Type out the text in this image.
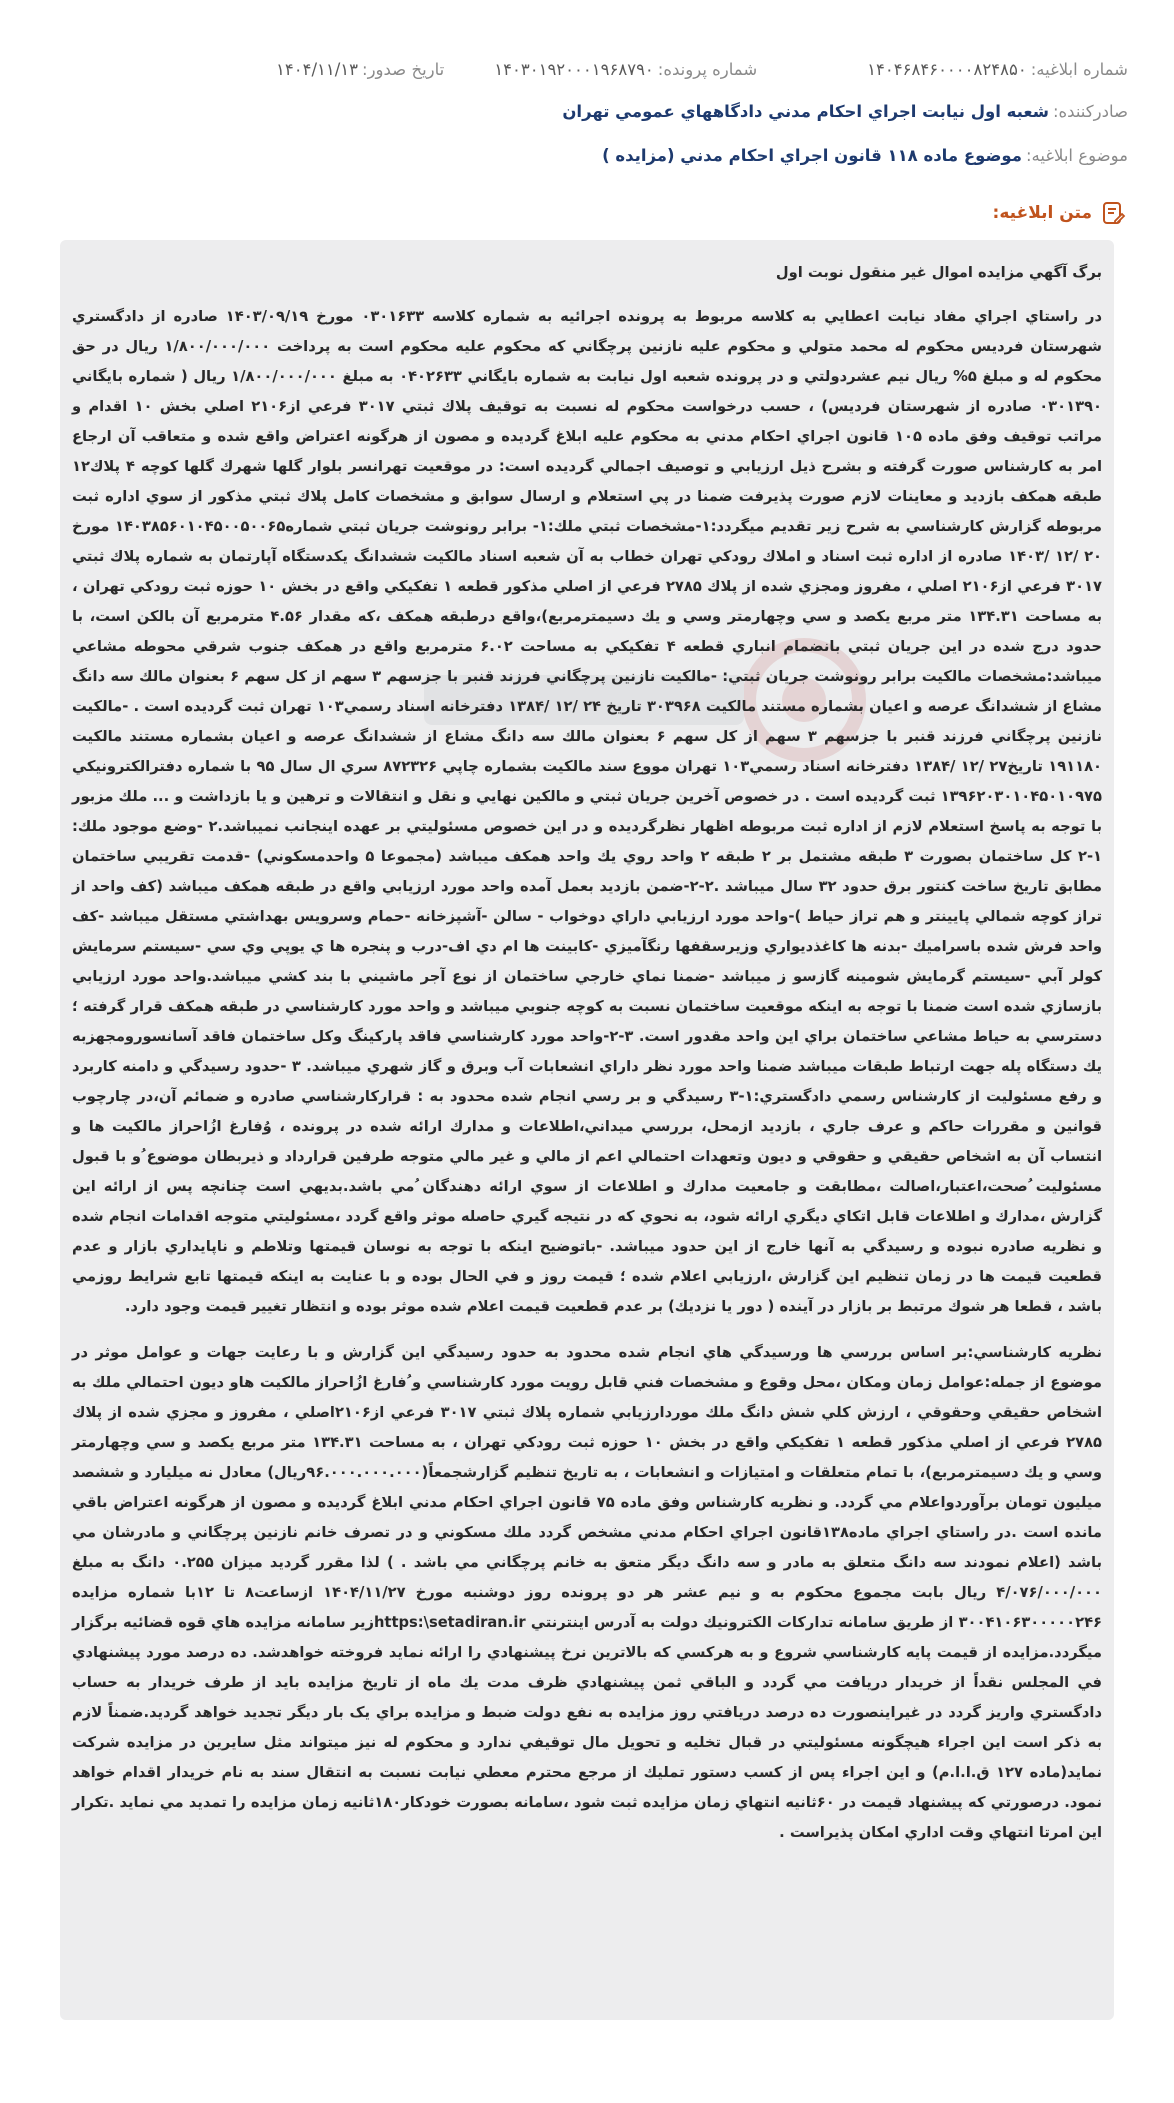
شماره ابلاغيه:
۱۴۰۴۶۸۴۶۰۰۰۰۸۲۴۸۵۰
شماره پرونده:
۱۴۰۳۰۱۹۲۰۰۰۱۹۶۸۷۹۰
تاريخ صدور:
۱۴۰۴/۱۱/۱۳
صادرکننده:
شعبه اول نيابت اجراي احكام مدني دادگاههاي عمومي تهران
موضوع ابلاغيه:
موضوع ماده ۱۱۸ قانون اجراي احکام مدني (مزايده )
متن ابلاغيه:
برگ آگهي مزايده اموال غير منقول نوبت اول

در راستاي اجراي مفاد نيابت اعطايي به كلاسه مربوط به پرونده اجرائيه به شماره كلاسه ۰۳۰۱۶۳۳ مورخ ۱۴۰۳/۰۹/۱۹ صادره از دادگستري شهرستان فرديس محكوم له محمد متولي و محكوم عليه نازنين پرچگاني كه محكوم عليه محكوم است به پرداخت ۱/۸۰۰/۰۰۰/۰۰۰ ريال در حق محكوم له و مبلغ ۵% ريال نيم عشردولتي و در پرونده شعبه اول نيابت به شماره بايگاني ۰۴۰۲۶۳۳ به مبلغ ۱/۸۰۰/۰۰۰/۰۰۰ ريال ( شماره بايگاني ۰۳۰۱۳۹۰ صادره از شهرستان فرديس) ، حسب درخواست محكوم له نسبت به توقيف پلاك ثبتي ۳۰۱۷ فرعي از۲۱۰۶ اصلي بخش ۱۰ اقدام و مراتب توقيف وفق ماده ۱۰۵ قانون اجراي احكام مدني به محكوم عليه ابلاغ گرديده و مصون از هرگونه اعتراض واقع شده و متعاقب آن ارجاع امر به كارشناس صورت گرفته و بشرح ذيل ارزيابي و توصيف اجمالي گرديده است: در موقعيت تهرانسر بلوار گلها شهرك گلها كوچه ۴ پلاك۱۲ طبقه همكف بازديد و معاينات لازم صورت پذيرفت ضمنا در پي استعلام و ارسال سوابق و مشخصات كامل پلاك ثبتي مذكور از سوي اداره ثبت مربوطه گزارش كارشناسي به شرح زير تقديم ميگردد:۱-مشخصات ثبتي ملك:۱- برابر رونوشت جريان ثبتي شماره۱۴۰۳۸۵۶۰۱۰۴۵۰۰۵۰۰۶۵ مورخ ۲۰ /۱۲ /۱۴۰۳ صادره از اداره ثبت اسناد و املاك رودكي تهران خطاب به آن شعبه اسناد مالكيت ششدانگ يكدستگاه آپارتمان به شماره پلاك ثبتي ۳۰۱۷ فرعي از۲۱۰۶ اصلي ، مفروز ومجزي شده از پلاك ۲۷۸۵ فرعي از اصلي مذكور قطعه ۱ تفكيكي واقع در بخش ۱۰ حوزه ثبت رودكي تهران ، به مساحت ۱۳۴.۳۱ متر مربع يكصد و سي وچهارمتر وسي و يك دسيمترمربع)،واقع درطبقه همكف ،كه مقدار ۴.۵۶ مترمربع آن بالكن است، با حدود درج شده در اين جريان ثبتي بانضمام انباري قطعه ۴ تفكيكي به مساحت ۶.۰۲ مترمربع واقع در همكف جنوب شرقي محوطه مشاعي ميباشد:مشخصات مالكيت برابر رونوشت جريان ثبتي: -مالكيت نازنين پرچگاني فرزند قنبر با جزسهم ۳ سهم از كل سهم ۶ بعنوان مالك سه دانگ مشاع از ششدانگ عرصه و اعيان بشماره مستند مالكيت ۳۰۳۹۶۸ تاريخ ۲۴ /۱۲ /۱۳۸۴ دفترخانه اسناد رسمي۱۰۳ تهران ثبت گرديده است . -مالكيت نازنين پرچگاني فرزند قنبر با جزسهم ۳ سهم از كل سهم ۶ بعنوان مالك سه دانگ مشاع از ششدانگ عرصه و اعيان بشماره مستند مالكيت ۱۹۱۱۸۰ تاريخ۲۷ /۱۲ /۱۳۸۴ دفترخانه اسناد رسمي۱۰۳ تهران مووع سند مالكيت بشماره چاپي ۸۷۲۳۲۶ سري ال سال ۹۵ با شماره دفترالكترونيكي ۱۳۹۶۲۰۳۰۱۰۴۵۰۱۰۹۷۵ ثبت گرديده است . در خصوص آخرين جريان ثبتي و مالكين نهايي و نقل و انتقالات و ترهين و يا بازداشت و ... ملك مزبور با توجه به پاسخ استعلام لازم از اداره ثبت مربوطه اظهار نظرگرديده و در اين خصوص مسئوليتي بر عهده اينجانب نميباشد.۲ -وضع موجود ملك: ۱-۲ كل ساختمان بصورت ۳ طبقه مشتمل بر ۲ طبقه ۲ واحد روي يك واحد همكف ميباشد (مجموعا ۵ واحدمسكوني) -قدمت تقريبي ساختمان مطابق تاريخ ساخت كنتور برق حدود ۳۲ سال ميباشد .۲-۲-ضمن بازديد بعمل آمده واحد مورد ارزيابي واقع در طبقه همكف ميباشد (كف واحد از تراز كوچه شمالي پايينتر و هم تراز حياط )-واحد مورد ارزيابي داراي دوخواب - سالن -آشپزخانه -حمام وسرويس بهداشتي مستقل ميباشد -كف واحد فرش شده باسراميك -بدنه ها كاغذديواري وزيرسقفها رنگآميزي -كابينت ها ام دي اف-درب و پنجره ها ي يوپي وي سي -سيستم سرمايش كولر آبي -سيستم گرمايش شومينه گازسو ز ميباشد -ضمنا نماي خارجي ساختمان از نوع آجر ماشيني با بند كشي ميباشد.واحد مورد ارزيابي بازسازي شده است ضمنا با توجه به اينكه موقعيت ساختمان نسبت به كوچه جنوبي ميباشد و واحد مورد كارشناسي در طبقه همكف قرار گرفته ؛ دسترسي به حياط مشاعي ساختمان براي اين واحد مقدور است. ۳-۲-واحد مورد كارشناسي فاقد پاركينگ وكل ساختمان فاقد آسانسورومجهزبه يك دستگاه پله جهت ارتباط طبقات ميباشد ضمنا واحد مورد نظر داراي انشعابات آب وبرق و گاز شهري ميباشد. ۳ -حدود رسيدگي و دامنه كاربرد و رفع مسئوليت از كارشناس رسمي دادگستري:۱-۳ رسيدگي و بر رسي انجام شده محدود به : قراركارشناسي صادره و ضمائم آن،در چارچوب قوانين و مقررات حاكم و عرف جاري ، بازديد ازمحل، بررسي ميداني،اطلاعات و مدارك ارائه شده در پرونده ، وُفارغ ازُاحراز مالكيت ها و انتساب آن به اشخاص حقيقي و حقوقي و ديون وتعهدات احتمالي اعم از مالي و غير مالي متوجه طرفين قرارداد و ذيربطان موضوع ُو با قبول مسئوليت ُصحت،اعتبار،اصالت ،مطابقت و جامعيت مدارك و اطلاعات از سوي ارائه دهندگان ُمي باشد.بديهي است چنانچه پس از ارائه اين گزارش ،مدارك و اطلاعات قابل اتكاي ديگري ارائه شود، به نحوي كه در نتيجه گيري حاصله موثر واقع گردد ،مسئوليتي متوجه اقدامات انجام شده و نظريه صادره نبوده و رسيدگي به آنها خارج از اين حدود ميباشد. -باتوضيح اينكه با توجه به نوسان قيمتها وتلاطم و ناپايداري بازار و عدم قطعيت قيمت ها در زمان تنظيم اين گزارش ،ارزيابي اعلام شده ؛ قيمت روز و في الحال بوده و با عنايت به اينكه قيمتها تابع شرايط روزمي باشد ، قطعا هر شوك مرتبط بر بازار در آينده ( دور يا نزديك) بر عدم قطعيت قيمت اعلام شده موثر بوده و انتظار تغيير قيمت وجود دارد.

نظريه كارشناسي:بر اساس بررسي ها ورسيدگي هاي انجام شده محدود به حدود رسيدگي اين گزارش و با رعايت جهات و عوامل موثر در موضوع از جمله:عوامل زمان ومكان ،محل وقوع و مشخصات فني قابل رويت مورد كارشناسي و ُفارغ ازُاحراز مالكيت هاو ديون احتمالي ملك به اشخاص حقيقي وحقوقي ، ارزش كلي شش دانگ ملك موردارزيابي شماره پلاك ثبتي ۳۰۱۷ فرعي از۲۱۰۶اصلي ، مفروز و مجزي شده از پلاك ۲۷۸۵ فرعي از اصلي مذكور قطعه ۱ تفكيكي واقع در بخش ۱۰ حوزه ثبت رودكي تهران ، به مساحت ۱۳۴.۳۱ متر مربع يكصد و سي وچهارمتر وسي و يك دسيمترمربع)، با تمام متعلقات و امتيازات و انشعابات ، به تاريخ تنظيم گزارشجمعاً(۹۶.۰۰۰.۰۰۰.۰۰۰ريال) معادل نه ميليارد و ششصد ميليون تومان برآوردواعلام مي گردد. و نظريه كارشناس وفق ماده ۷۵ قانون اجراي احكام مدني ابلاغ گرديده و مصون از هرگونه اعتراض باقي مانده است .در راستاي اجراي ماده۱۳۸قانون اجراي احكام مدني مشخص گردد ملك مسكوني و در تصرف خانم نازنين پرچگاني و مادرشان مي باشد (اعلام نمودند سه دانگ متعلق به مادر و سه دانگ ديگر متعق به خانم پرچگاني مي باشد . ) لذا مقرر گرديد ميزان ۰.۲۵۵ دانگ به مبلغ ۴/۰۷۶/۰۰۰/۰۰۰ ريال بابت مجموع محكوم به و نيم عشر هر دو پرونده روز دوشنبه مورخ ۱۴۰۴/۱۱/۲۷ ازساعت۸ تا ۱۲با شماره مزايده ۳۰۰۴۱۰۶۳۰۰۰۰۰۲۴۶ از طريق سامانه تداركات الكترونيك دولت به آدرس اينترنتي https:\setadiran.irزير سامانه مزايده هاي قوه قضائيه برگزار ميگردد.مزايده از قيمت پايه كارشناسي شروع و به هركسي كه بالاترين نرخ پيشنهادي را ارائه نمايد فروخته خواهدشد. ده درصد مورد پيشنهادي في المجلس نقداً از خريدار دريافت مي گردد و الباقي ثمن پيشنهادي ظرف مدت يك ماه از تاريخ مزايده بايد از طرف خريدار به حساب دادگستري واريز گردد در غيراينصورت ده درصد دريافتي روز مزايده به نفع دولت ضبط و مزايده براي يک بار ديگر تجديد خواهد گرديد.ضمناً لازم به ذكر است اين اجراء هيچگونه مسئوليتي در قبال تخليه و تحويل مال توقيفي ندارد و محكوم له نيز ميتواند مثل سايرين در مزايده شركت نمايد(ماده ۱۲۷ ق.ا.ا.م) و اين اجراء پس از كسب دستور تمليك از مرجع محترم معطي نيابت نسبت به انتقال سند به نام خريدار اقدام خواهد نمود. درصورتي كه پيشنهاد قيمت در ۶۰ثانيه انتهاي زمان مزايده ثبت شود ،سامانه بصورت خودكار۱۸۰ثانيه زمان مزايده را تمديد مي نمايد .تكرار اين امرتا انتهاي وقت اداري امكان پذيراست .
